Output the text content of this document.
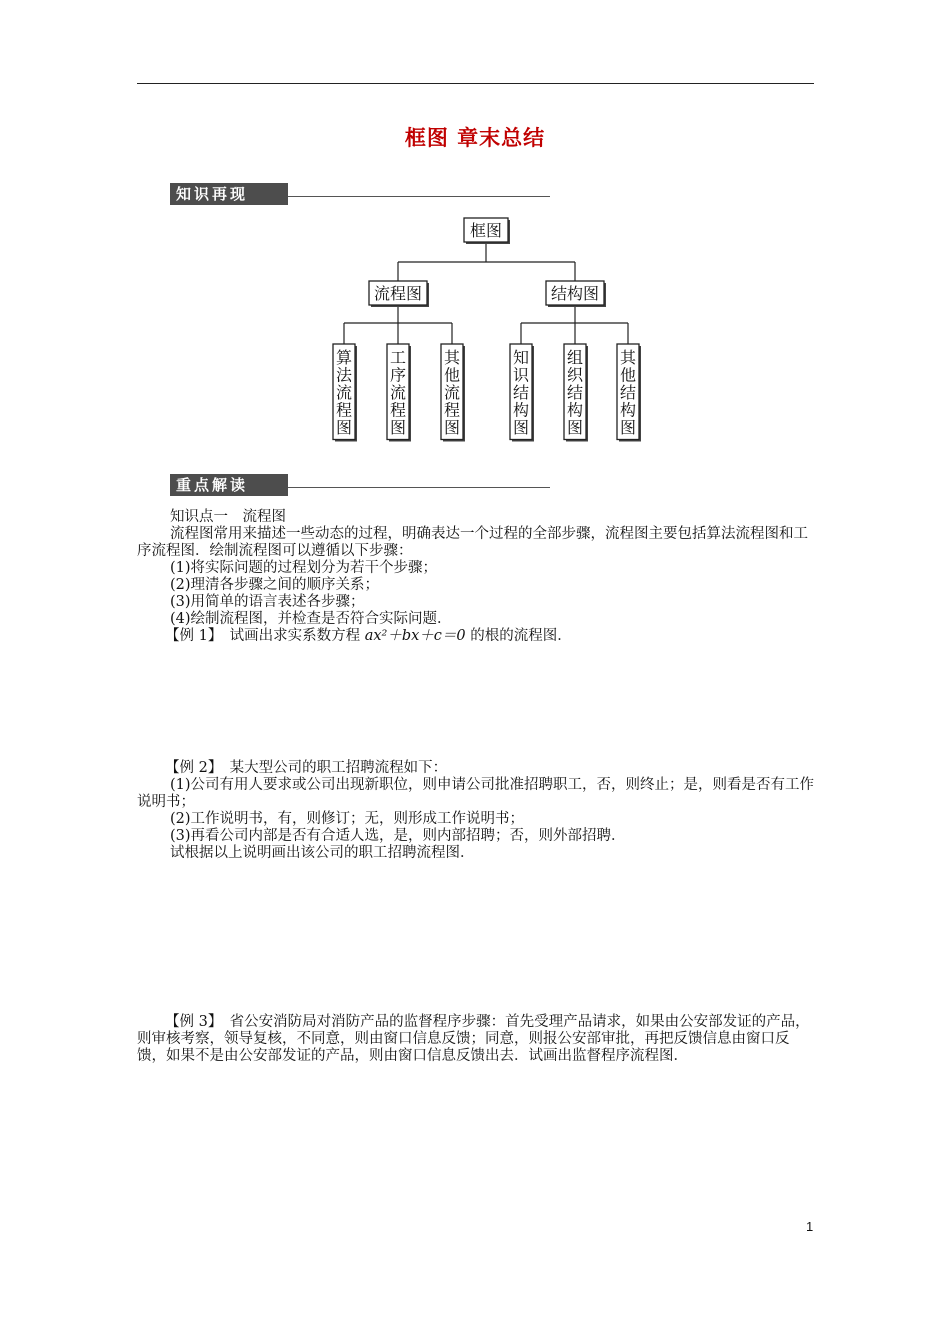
框图 章末总结
知识再现
框图
流程图	结构图
算法流程图
工序流程图
其他流程图
知识结构图
组织结构图
其他结构图
重点解读

知识点一　流程图

流程图常用来描述一些动态的过程，明确表达一个过程的全部步骤，流程图主要包括算法流程图和工序流程图．绘制流程图可以遵循以下步骤：

(1)将实际问题的过程划分为若干个步骤；

(2)理清各步骤之间的顺序关系；

(3)用简单的语言表述各步骤；

(4)绘制流程图，并检查是否符合实际问题．

【例 1】　 试画出求实系数方程 ax²＋bx＋c＝0 的根的流程图．

【例 2】　 某大型公司的职工招聘流程如下：

(1)公司有用人要求或公司出现新职位，则申请公司批准招聘职工，否，则终止；是，则看是否有工作说明书；

(2)工作说明书，有，则修订；无，则形成工作说明书；

(3)再看公司内部是否有合适人选，是，则内部招聘；否，则外部招聘．

试根据以上说明画出该公司的职工招聘流程图．

【例 3】　 省公安消防局对消防产品的监督程序步骤：首先受理产品请求，如果由公安部发证的产品，则审核考察，领导复核，不同意，则由窗口信息反馈；同意，则报公安部审批，再把反馈信息由窗口反馈，如果不是由公安部发证的产品，则由窗口信息反馈出去．试画出监督程序流程图．

1
